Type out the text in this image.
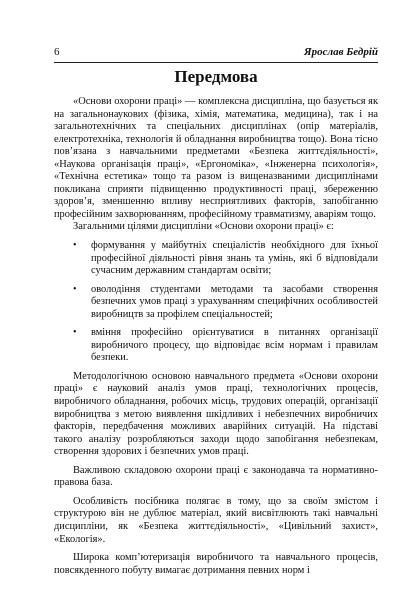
6	Ярослав Бедрій
Передмова

«Основи охорони праці» — комплексна дисципліна, що базується як на загальнонаукових (фізика, хімія, математика, медицина), так і на загальнотехнічних та спеціальних дисциплінах (опір матеріалів, електротехніка, технологія й обладнання виробництва тощо). Вона тісно пов’язана з навчальними предметами «Безпека життєдіяльності», «Наукова організація праці», «Ергономіка», «Інженерна психологія», «Технічна естетика» тощо та разом із вищеназваними дисциплінами покликана сприяти підвищенню продуктивності праці, збереженню здоров’я, зменшенню впливу несприятливих факторів, запобіганню професійним захворюванням, професійному травматизму, аваріям тощо.

Загальними цілями дисципліни «Основи охорони праці» є:

• формування у майбутніх спеціалістів необхідного для їхньої професійної діяльності рівня знань та умінь, які б відповідали сучасним державним стандартам освіти;
• оволодіння студентами методами та засобами створення безпечних умов праці з урахуванням специфічних особливостей виробництв за профілем спеціальностей;
• вміння професійно орієнтуватися в питаннях організації виробничого процесу, що відповідає всім нормам і правилам безпеки.

Методологічною основою навчального предмета «Основи охорони праці» є науковий аналіз умов праці, технологічних процесів, виробничого обладнання, робочих місць, трудових операцій, організації виробництва з метою виявлення шкідливих і небезпечних виробничих факторів, передбачення можливих аварійних ситуацій. На підставі такого аналізу розробляються заходи щодо запобігання небезпекам, створення здорових і безпечних умов праці.

Важливою складовою охорони праці є законодавча та нормативно-правова база.

Особливість посібника полягає в тому, що за своїм змістом і структурою він не дублює матеріал, який висвітлюють такі навчальні дисципліни, як «Безпека життєдіяльності», «Цивільний захист», «Екологія».

Широка комп’ютеризація виробничого та навчального процесів, повсякденного побуту вимагає дотримання певних норм і
